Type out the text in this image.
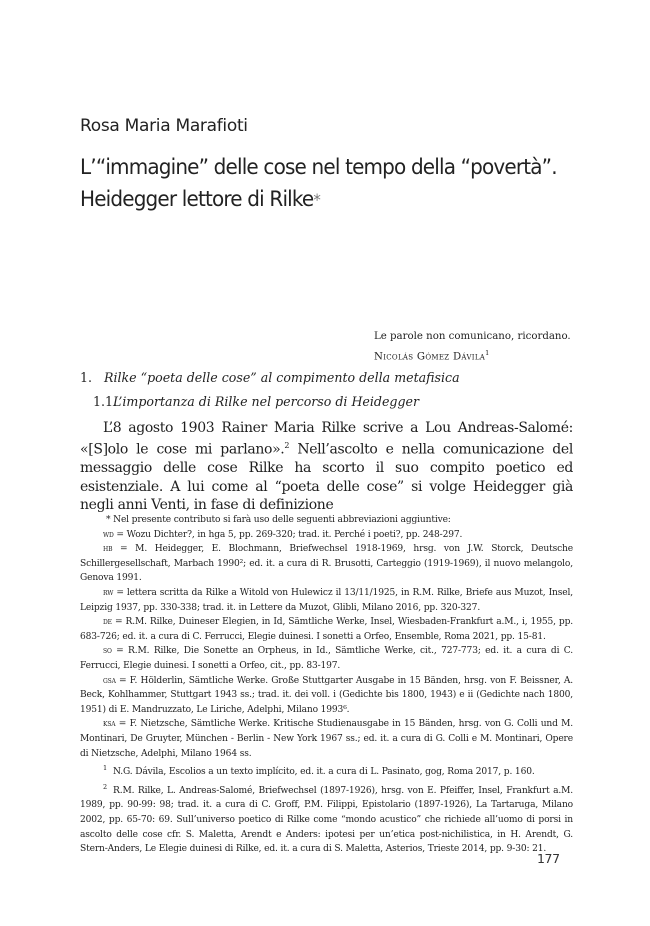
Rosa Maria Marafioti
L’“immagine” delle cose nel tempo della “povertà”.
Heidegger lettore di Rilke*
Le parole non comunicano, ricordano.
Nicolás Gómez Dávila$^1$
1. Rilke “poeta delle cose” al compimento della metafisica
1.1.L’importanza di Rilke nel percorso di Heidegger
L’8 agosto 1903 Rainer Maria Rilke scrive a Lou Andreas-Salomé: «[S]olo le cose mi parlano».$^2$ Nell’ascolto e nella comunicazione del messaggio delle cose Rilke ha scorto il suo compito poetico ed esistenziale. A lui come al “poeta delle cose” si volge Heidegger già negli anni Venti, in fase di definizione

* Nel presente contributo si farà uso delle seguenti abbreviazioni aggiuntive:

wd = Wozu Dichter?, in hga 5, pp. 269-320; trad. it. Perché i poeti?, pp. 248-297.

hb = M. Heidegger, E. Blochmann, Briefwechsel 1918-1969, hrsg. von J.W. Storck, Deutsche Schillergesellschaft, Marbach 1990²; ed. it. a cura di R. Brusotti, Carteggio (1919-1969), il nuovo melangolo, Genova 1991.

rw = lettera scritta da Rilke a Witold von Hulewicz il 13/11/1925, in R.M. Rilke, Briefe aus Muzot, Insel, Leipzig 1937, pp. 330-338; trad. it. in Lettere da Muzot, Glibli, Milano 2016, pp. 320-327.

de = R.M. Rilke, Duineser Elegien, in Id, Sämtliche Werke, Insel, Wiesbaden-Frankfurt a.M., i, 1955, pp. 683-726; ed. it. a cura di C. Ferrucci, Elegie duinesi. I sonetti a Orfeo, Ensemble, Roma 2021, pp. 15-81.

so = R.M. Rilke, Die Sonette an Orpheus, in Id., Sämtliche Werke, cit., 727-773; ed. it. a cura di C. Ferrucci, Elegie duinesi. I sonetti a Orfeo, cit., pp. 83-197.

gsa = F. Hölderlin, Sämtliche Werke. Große Stuttgarter Ausgabe in 15 Bänden, hrsg. von F. Beissner, A. Beck, Kohlhammer, Stuttgart 1943 ss.; trad. it. dei voll. i (Gedichte bis 1800, 1943) e ii (Gedichte nach 1800, 1951) di E. Mandruzzato, Le Liriche, Adelphi, Milano 1993⁶.

ksa = F. Nietzsche, Sämtliche Werke. Kritische Studienausgabe in 15 Bänden, hrsg. von G. Colli und M. Montinari, De Gruyter, München - Berlin - New York 1967 ss.; ed. it. a cura di G. Colli e M. Montinari, Opere di Nietzsche, Adelphi, Milano 1964 ss.

$^1$ N.G. Dávila, Escolios a un texto implícito, ed. it. a cura di L. Pasinato, gog, Roma 2017, p. 160.

$^2$ R.M. Rilke, L. Andreas-Salomé, Briefwechsel (1897-1926), hrsg. von E. Pfeiffer, Insel, Frankfurt a.M. 1989, pp. 90-99: 98; trad. it. a cura di C. Groff, P.M. Filippi, Epistolario (1897-1926), La Tartaruga, Milano 2002, pp. 65-70: 69. Sull’universo poetico di Rilke come “mondo acustico” che richiede all’uomo di porsi in ascolto delle cose cfr. S. Maletta, Arendt e Anders: ipotesi per un’etica post-nichilistica, in H. Arendt, G. Stern-Anders, Le Elegie duinesi di Rilke, ed. it. a cura di S. Maletta, Asterios, Trieste 2014, pp. 9-30: 21.

177
